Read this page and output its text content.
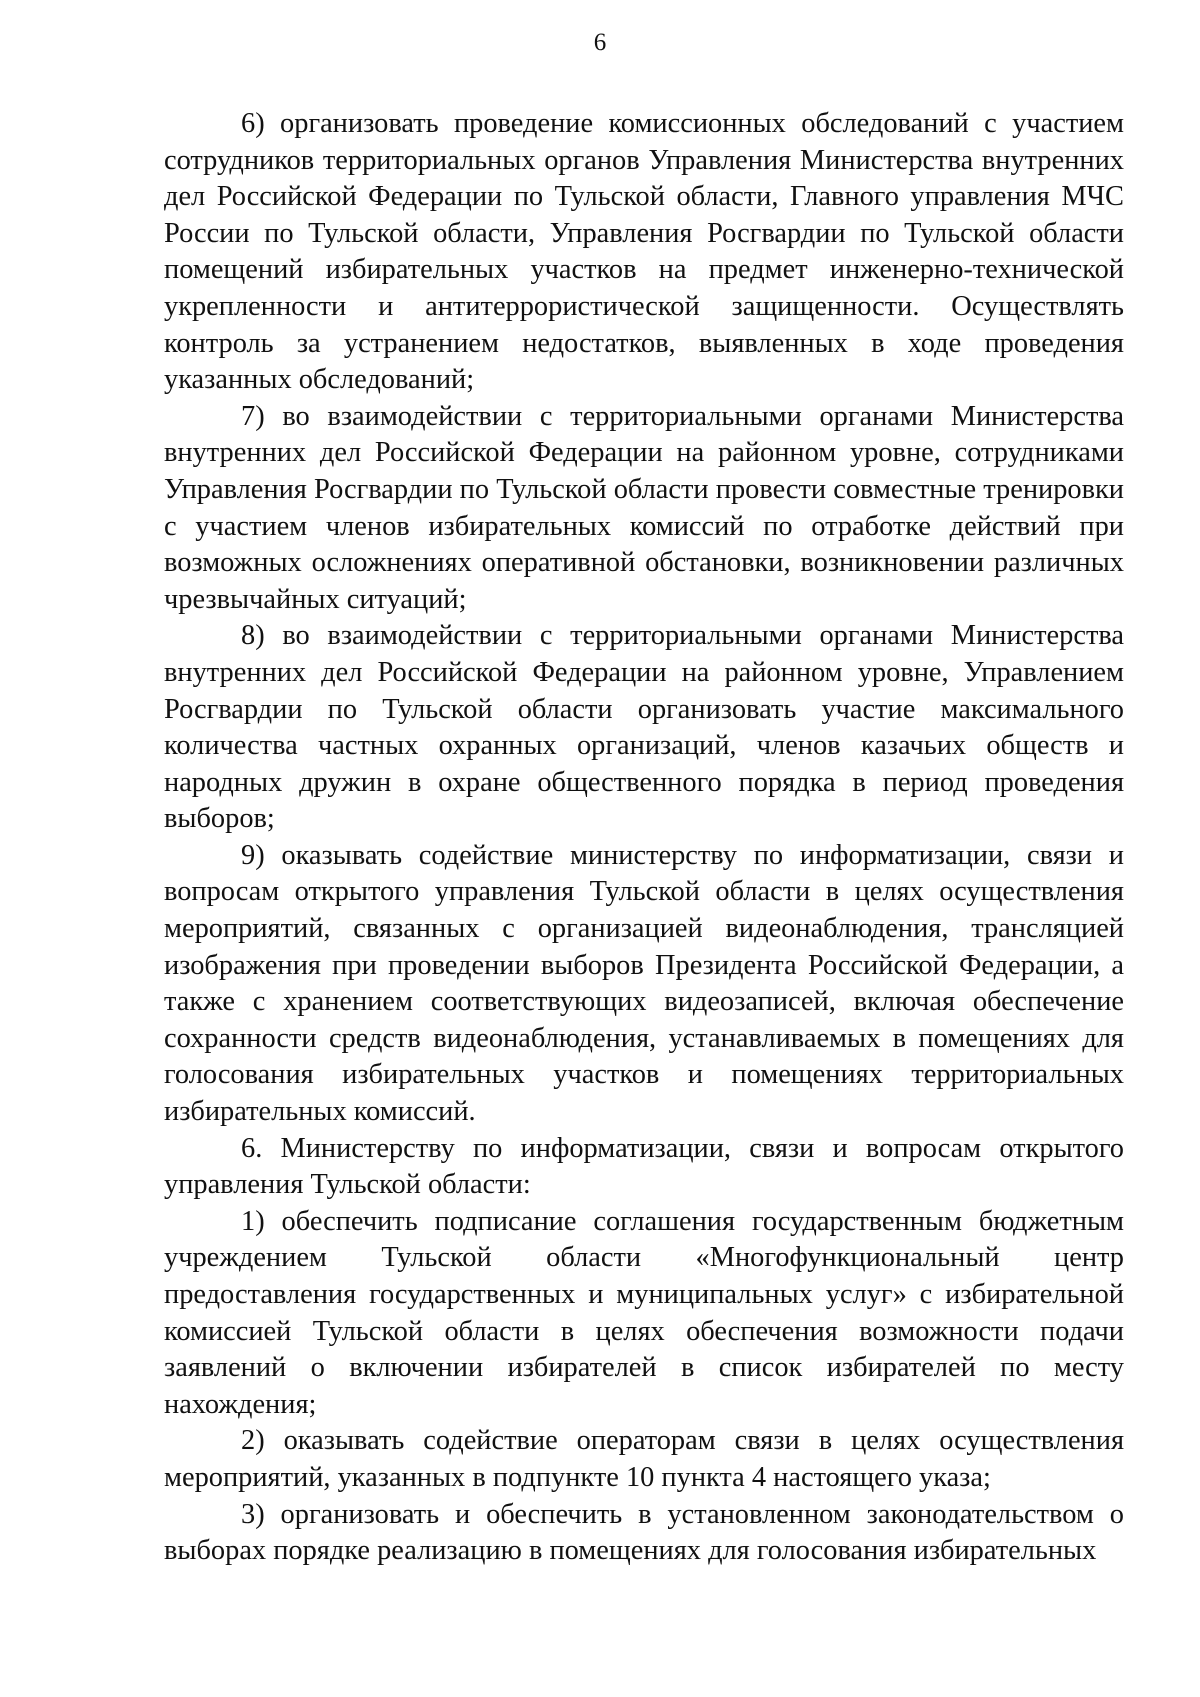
6

6) организовать проведение комиссионных обследований с участием сотрудников территориальных органов Управления Министерства внутренних дел Российской Федерации по Тульской области, Главного управления МЧС России по Тульской области, Управления Росгвардии по Тульской области помещений избирательных участков на предмет инженерно-технической укрепленности и антитеррористической защищенности. Осуществлять контроль за устранением недостатков, выявленных в ходе проведения указанных обследований;

7) во взаимодействии с территориальными органами Министерства внутренних дел Российской Федерации на районном уровне, сотрудниками Управления Росгвардии по Тульской области провести совместные тренировки с участием членов избирательных комиссий по отработке действий при возможных осложнениях оперативной обстановки, возникновении различных чрезвычайных ситуаций;

8) во взаимодействии с территориальными органами Министерства внутренних дел Российской Федерации на районном уровне, Управлением Росгвардии по Тульской области организовать участие максимального количества частных охранных организаций, членов казачьих обществ и народных дружин в охране общественного порядка в период проведения выборов;

9) оказывать содействие министерству по информатизации, связи и вопросам открытого управления Тульской области в целях осуществления мероприятий, связанных с организацией видеонаблюдения, трансляцией изображения при проведении выборов Президента Российской Федерации, а также с хранением соответствующих видеозаписей, включая обеспечение сохранности средств видеонаблюдения, устанавливаемых в помещениях для голосования избирательных участков и помещениях территориальных избирательных комиссий.

6. Министерству по информатизации, связи и вопросам открытого управления Тульской области:

1) обеспечить подписание соглашения государственным бюджетным учреждением Тульской области «Многофункциональный центр предоставления государственных и муниципальных услуг» с избирательной комиссией Тульской области в целях обеспечения возможности подачи заявлений о включении избирателей в список избирателей по месту нахождения;

2) оказывать содействие операторам связи в целях осуществления мероприятий, указанных в подпункте 10 пункта 4 настоящего указа;

3) организовать и обеспечить в установленном законодательством о выборах порядке реализацию в помещениях для голосования избирательных
